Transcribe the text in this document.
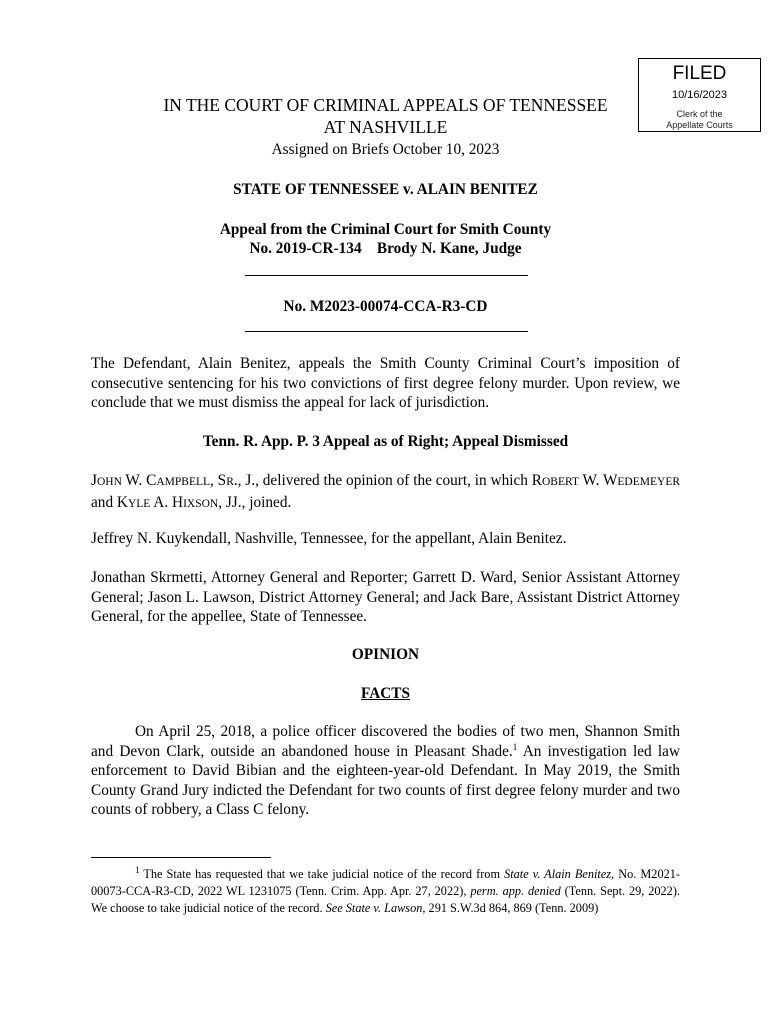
FILED
10/16/2023
Clerk of the
Appellate Courts
IN THE COURT OF CRIMINAL APPEALS OF TENNESSEE
AT NASHVILLE
Assigned on Briefs October 10, 2023
STATE OF TENNESSEE v. ALAIN BENITEZ
Appeal from the Criminal Court for Smith County
No. 2019-CR-134 Brody N. Kane, Judge
No. M2023-00074-CCA-R3-CD
The Defendant, Alain Benitez, appeals the Smith County Criminal Court’s imposition of consecutive sentencing for his two convictions of first degree felony murder. Upon review, we conclude that we must dismiss the appeal for lack of jurisdiction.
Tenn. R. App. P. 3 Appeal as of Right; Appeal Dismissed
JOHN W. CAMPBELL, SR., J., delivered the opinion of the court, in which ROBERT W. WEDEMEYER and KYLE A. HIXSON, JJ., joined.
Jeffrey N. Kuykendall, Nashville, Tennessee, for the appellant, Alain Benitez.
Jonathan Skrmetti, Attorney General and Reporter; Garrett D. Ward, Senior Assistant Attorney General; Jason L. Lawson, District Attorney General; and Jack Bare, Assistant District Attorney General, for the appellee, State of Tennessee.
OPINION
FACTS
On April 25, 2018, a police officer discovered the bodies of two men, Shannon Smith and Devon Clark, outside an abandoned house in Pleasant Shade.$^1$ An investigation led law enforcement to David Bibian and the eighteen-year-old Defendant. In May 2019, the Smith County Grand Jury indicted the Defendant for two counts of first degree felony murder and two counts of robbery, a Class C felony.
$^1$ The State has requested that we take judicial notice of the record from State v. Alain Benitez, No. M2021-00073-CCA-R3-CD, 2022 WL 1231075 (Tenn. Crim. App. Apr. 27, 2022), perm. app. denied (Tenn. Sept. 29, 2022). We choose to take judicial notice of the record. See State v. Lawson, 291 S.W.3d 864, 869 (Tenn. 2009)
